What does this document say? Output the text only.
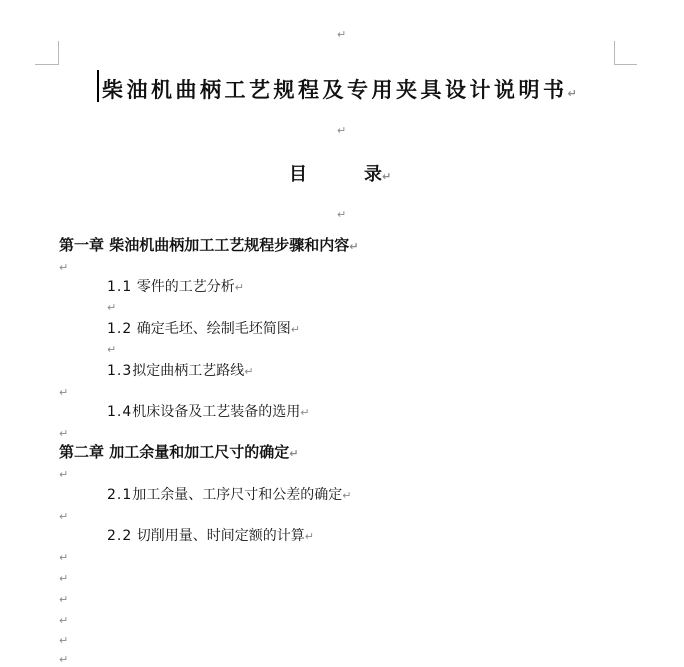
↵
柴油机曲柄工艺规程及专用夹具设计说明书↵
↵
目	录↵
↵
第一章 柴油机曲柄加工工艺规程步骤和内容↵
↵
1.1 零件的工艺分析↵
↵
1.2 确定毛坯、绘制毛坯简图↵
↵
1.3拟定曲柄工艺路线↵
↵
1.4机床设备及工艺装备的选用↵
↵
第二章 加工余量和加工尺寸的确定↵
↵
2.1加工余量、工序尺寸和公差的确定↵
↵
2.2 切削用量、时间定额的计算↵
↵
↵
↵
↵
↵
↵
